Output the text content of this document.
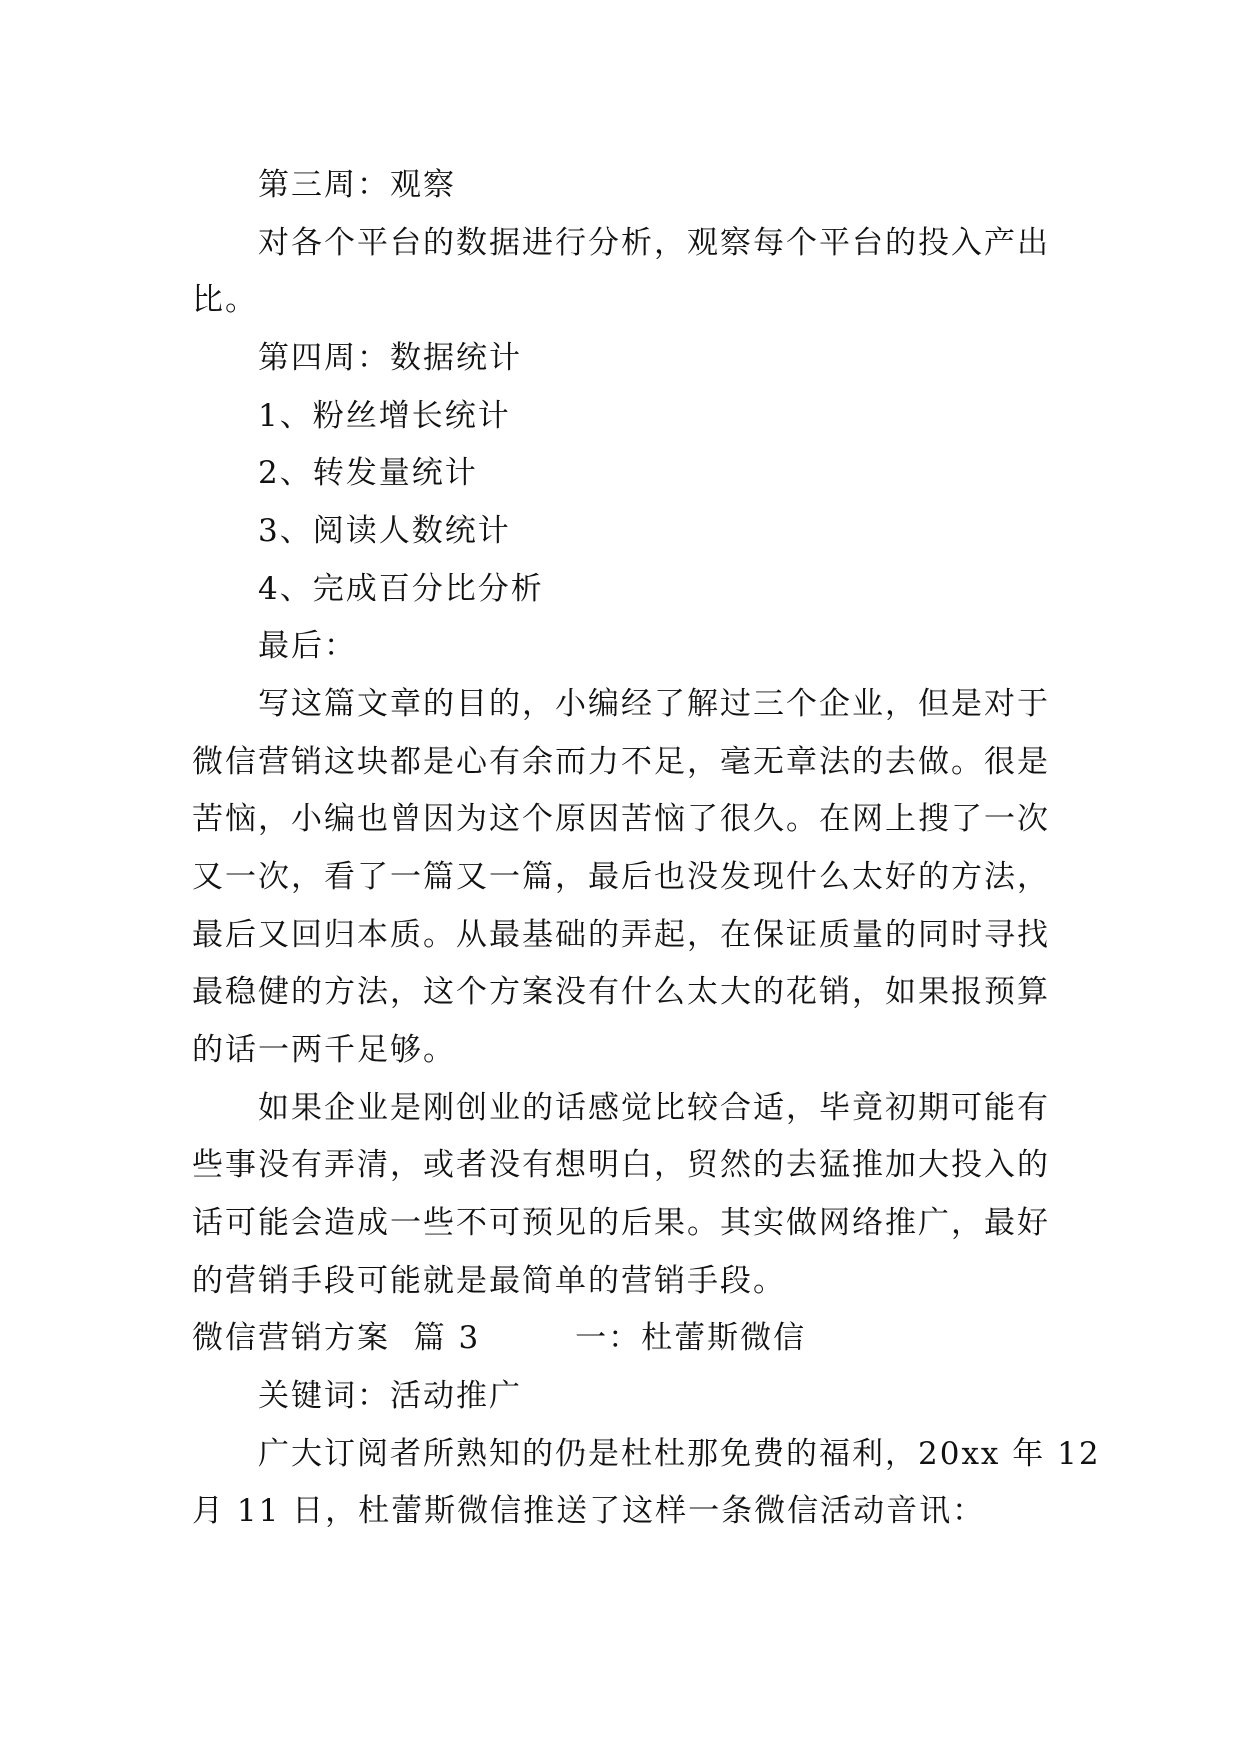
第三周：观察
对各个平台的数据进行分析，观察每个平台的投入产出
比。
第四周：数据统计
1、粉丝增长统计
2、转发量统计
3、阅读人数统计
4、完成百分比分析
最后：
写这篇文章的目的，小编经了解过三个企业，但是对于
微信营销这块都是心有余而力不足，毫无章法的去做。很是
苦恼，小编也曾因为这个原因苦恼了很久。在网上搜了一次
又一次，看了一篇又一篇，最后也没发现什么太好的方法，
最后又回归本质。从最基础的弄起，在保证质量的同时寻找
最稳健的方法，这个方案没有什么太大的花销，如果报预算
的话一两千足够。
如果企业是刚创业的话感觉比较合适，毕竟初期可能有
些事没有弄清，或者没有想明白，贸然的去猛推加大投入的
话可能会造成一些不可预见的后果。其实做网络推广，最好
的营销手段可能就是最简单的营销手段。
微信营销方案  篇 3        一：杜蕾斯微信
关键词：活动推广
广大订阅者所熟知的仍是杜杜那免费的福利，20xx 年 12
月 11 日，杜蕾斯微信推送了这样一条微信活动音讯：
